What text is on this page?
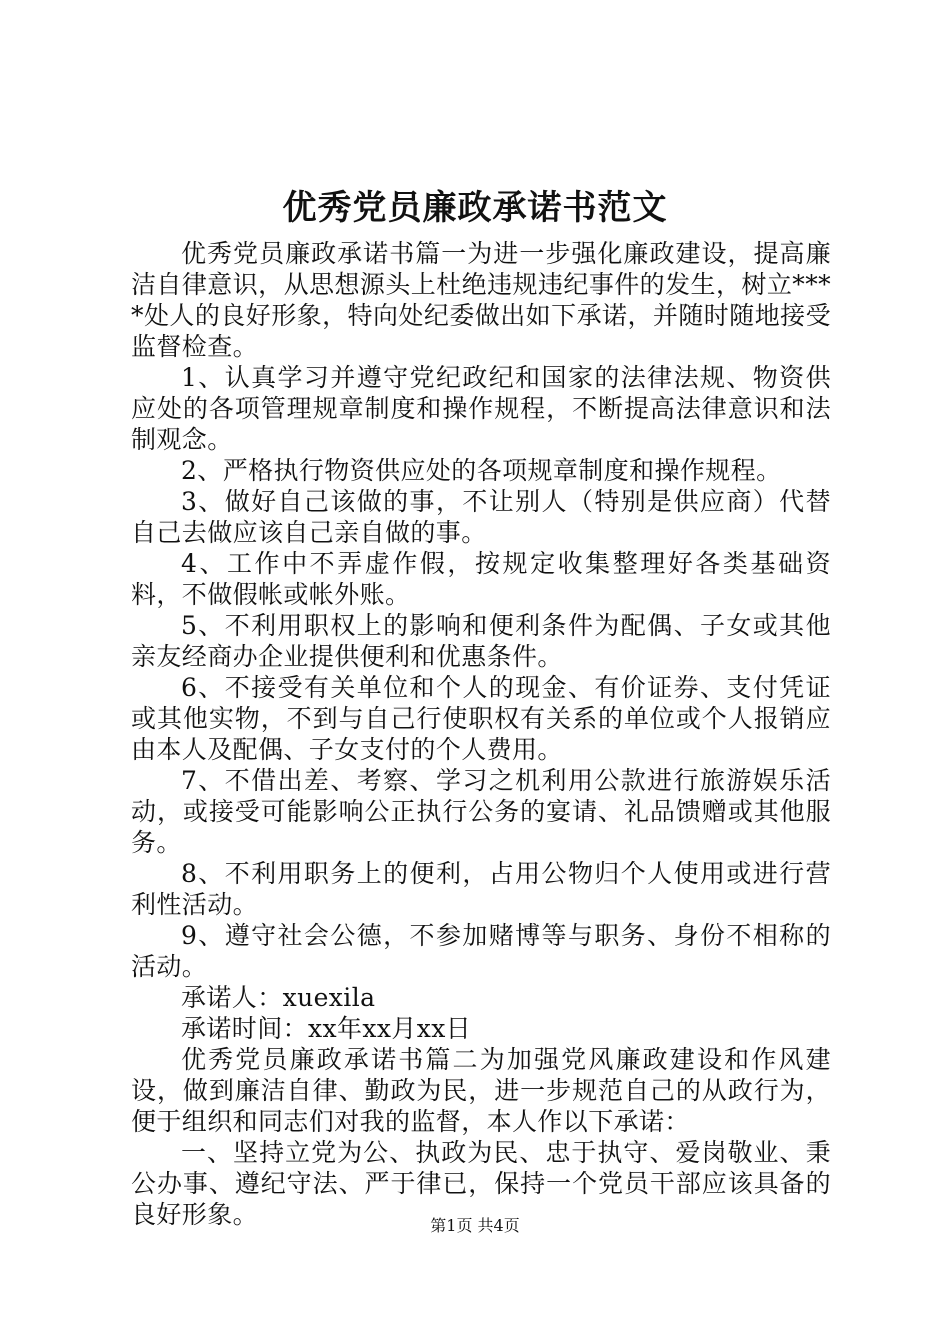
优秀党员廉政承诺书范文

优秀党员廉政承诺书篇一为进一步强化廉政建设，提高廉洁自律意识，从思想源头上杜绝违规违纪事件的发生，树立****处人的良好形象，特向处纪委做出如下承诺，并随时随地接受监督检查。

1、认真学习并遵守党纪政纪和国家的法律法规、物资供应处的各项管理规章制度和操作规程，不断提高法律意识和法制观念。

2、严格执行物资供应处的各项规章制度和操作规程。

3、做好自己该做的事，不让别人（特别是供应商）代替自己去做应该自己亲自做的事。

4、工作中不弄虚作假，按规定收集整理好各类基础资料，不做假帐或帐外账。

5、不利用职权上的影响和便利条件为配偶、子女或其他亲友经商办企业提供便利和优惠条件。

6、不接受有关单位和个人的现金、有价证券、支付凭证或其他实物，不到与自己行使职权有关系的单位或个人报销应由本人及配偶、子女支付的个人费用。

7、不借出差、考察、学习之机利用公款进行旅游娱乐活动，或接受可能影响公正执行公务的宴请、礼品馈赠或其他服务。

8、不利用职务上的便利，占用公物归个人使用或进行营利性活动。

9、遵守社会公德，不参加赌博等与职务、身份不相称的活动。

承诺人：xuexila

承诺时间：xx年xx月xx日

优秀党员廉政承诺书篇二为加强党风廉政建设和作风建设，做到廉洁自律、勤政为民，进一步规范自己的从政行为，便于组织和同志们对我的监督，本人作以下承诺：

一、坚持立党为公、执政为民、忠于执守、爱岗敬业、秉公办事、遵纪守法、严于律已，保持一个党员干部应该具备的良好形象。	第1页 共4页
